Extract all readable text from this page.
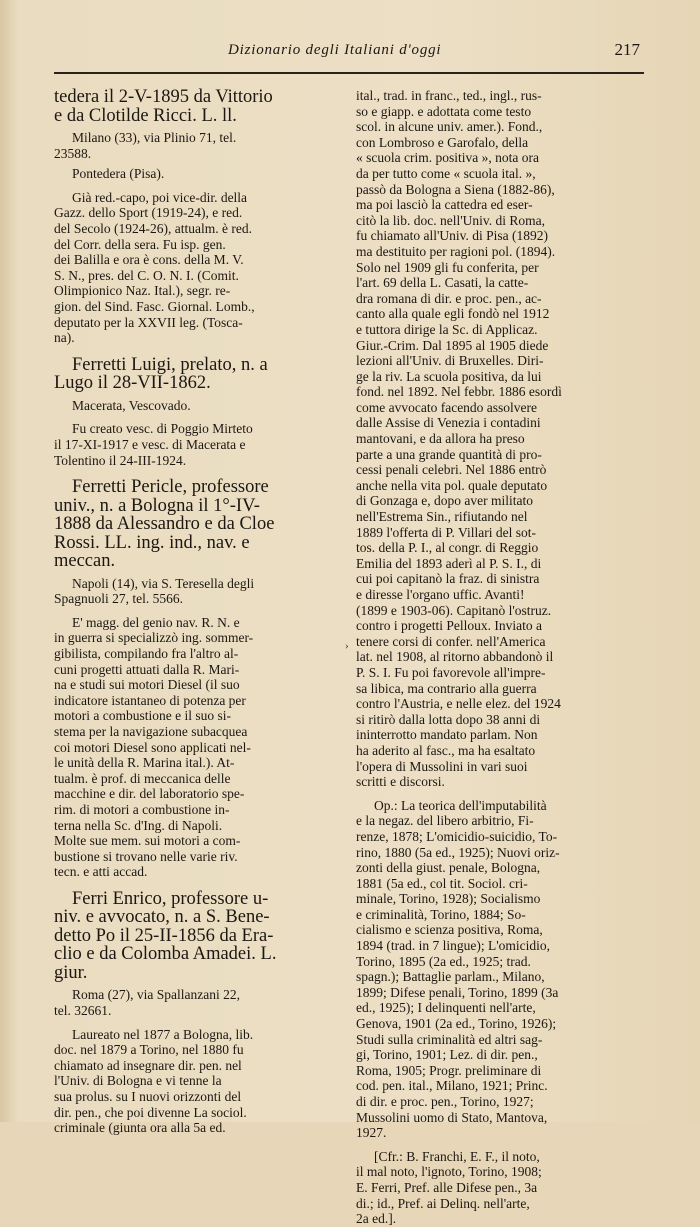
Dizionario degli Italiani d'oggi	217
tedera il 2-V-1895 da Vittorio
e da Clotilde Ricci. L. ll.
Milano (33), via Plinio 71, tel.
23588.
Pontedera (Pisa).
Già red.-capo, poi vice-dir. della
Gazz. dello Sport (1919-24), e red.
del Secolo (1924-26), attualm. è red.
del Corr. della sera. Fu isp. gen.
dei Balilla e ora è cons. della M. V.
S. N., pres. del C. O. N. I. (Comit.
Olimpionico Naz. Ital.), segr. re-
gion. del Sind. Fasc. Giornal. Lomb.,
deputato per la XXVII leg. (Tosca-
na).
Ferretti Luigi, prelato, n. a
Lugo il 28-VII-1862.
Macerata, Vescovado.
Fu creato vesc. di Poggio Mirteto
il 17-XI-1917 e vesc. di Macerata e
Tolentino il 24-III-1924.
Ferretti Pericle, professore
univ., n. a Bologna il 1°-IV-
1888 da Alessandro e da Cloe
Rossi. LL. ing. ind., nav. e
meccan.
Napoli (14), via S. Teresella degli
Spagnuoli 27, tel. 5566.
E' magg. del genio nav. R. N. e
in guerra si specializzò ing. sommer-
gibilista, compilando fra l'altro al-
cuni progetti attuati dalla R. Mari-
na e studi sui motori Diesel (il suo
indicatore istantaneo di potenza per
motori a combustione e il suo si-
stema per la navigazione subacquea
coi motori Diesel sono applicati nel-
le unità della R. Marina ital.). At-
tualm. è prof. di meccanica delle
macchine e dir. del laboratorio spe-
rim. di motori a combustione in-
terna nella Sc. d'Ing. di Napoli.
Molte sue mem. sui motori a com-
bustione si trovano nelle varie riv.
tecn. e atti accad.
Ferri Enrico, professore u-
niv. e avvocato, n. a S. Bene-
detto Po il 25-II-1856 da Era-
clio e da Colomba Amadei. L.
giur.
Roma (27), via Spallanzani 22,
tel. 32661.
Laureato nel 1877 a Bologna, lib.
doc. nel 1879 a Torino, nel 1880 fu
chiamato ad insegnare dir. pen. nel
l'Univ. di Bologna e vi tenne la
sua prolus. su I nuovi orizzonti del
dir. pen., che poi divenne La sociol.
criminale (giunta ora alla 5a ed.
›
ital., trad. in franc., ted., ingl., rus-
so e giapp. e adottata come testo
scol. in alcune univ. amer.). Fond.,
con Lombroso e Garofalo, della
« scuola crim. positiva », nota ora
da per tutto come « scuola ital. »,
passò da Bologna a Siena (1882-86),
ma poi lasciò la cattedra ed eser-
citò la lib. doc. nell'Univ. di Roma,
fu chiamato all'Univ. di Pisa (1892)
ma destituito per ragioni pol. (1894).
Solo nel 1909 gli fu conferita, per
l'art. 69 della L. Casati, la catte-
dra romana di dir. e proc. pen., ac-
canto alla quale egli fondò nel 1912
e tuttora dirige la Sc. di Applicaz.
Giur.-Crim. Dal 1895 al 1905 diede
lezioni all'Univ. di Bruxelles. Diri-
ge la riv. La scuola positiva, da lui
fond. nel 1892. Nel febbr. 1886 esordì
come avvocato facendo assolvere
dalle Assise di Venezia i contadini
mantovani, e da allora ha preso
parte a una grande quantità di pro-
cessi penali celebri. Nel 1886 entrò
anche nella vita pol. quale deputato
di Gonzaga e, dopo aver militato
nell'Estrema Sin., rifiutando nel
1889 l'offerta di P. Villari del sot-
tos. della P. I., al congr. di Reggio
Emilia del 1893 aderì al P. S. I., di
cui poi capitanò la fraz. di sinistra
e diresse l'organo uffic. Avanti!
(1899 e 1903-06). Capitanò l'ostruz.
contro i progetti Pelloux. Inviato a
tenere corsi di confer. nell'America
lat. nel 1908, al ritorno abbandonò il
P. S. I. Fu poi favorevole all'impre-
sa libica, ma contrario alla guerra
contro l'Austria, e nelle elez. del 1924
si ritirò dalla lotta dopo 38 anni di
ininterrotto mandato parlam. Non
ha aderito al fasc., ma ha esaltato
l'opera di Mussolini in vari suoi
scritti e discorsi.
Op.: La teorica dell'imputabilità
e la negaz. del libero arbitrio, Fi-
renze, 1878; L'omicidio-suicidio, To-
rino, 1880 (5a ed., 1925); Nuovi oriz-
zonti della giust. penale, Bologna,
1881 (5a ed., col tit. Sociol. cri-
minale, Torino, 1928); Socialismo
e criminalità, Torino, 1884; So-
cialismo e scienza positiva, Roma,
1894 (trad. in 7 lingue); L'omicidio,
Torino, 1895 (2a ed., 1925; trad.
spagn.); Battaglie parlam., Milano,
1899; Difese penali, Torino, 1899 (3a
ed., 1925); I delinquenti nell'arte,
Genova, 1901 (2a ed., Torino, 1926);
Studi sulla criminalità ed altri sag-
gi, Torino, 1901; Lez. di dir. pen.,
Roma, 1905; Progr. preliminare di
cod. pen. ital., Milano, 1921; Princ.
di dir. e proc. pen., Torino, 1927;
Mussolini uomo di Stato, Mantova,
1927.
[Cfr.: B. Franchi, E. F., il noto,
il mal noto, l'ignoto, Torino, 1908;
E. Ferri, Pref. alle Difese pen., 3a
di.; id., Pref. ai Delinq. nell'arte,
2a ed.].
